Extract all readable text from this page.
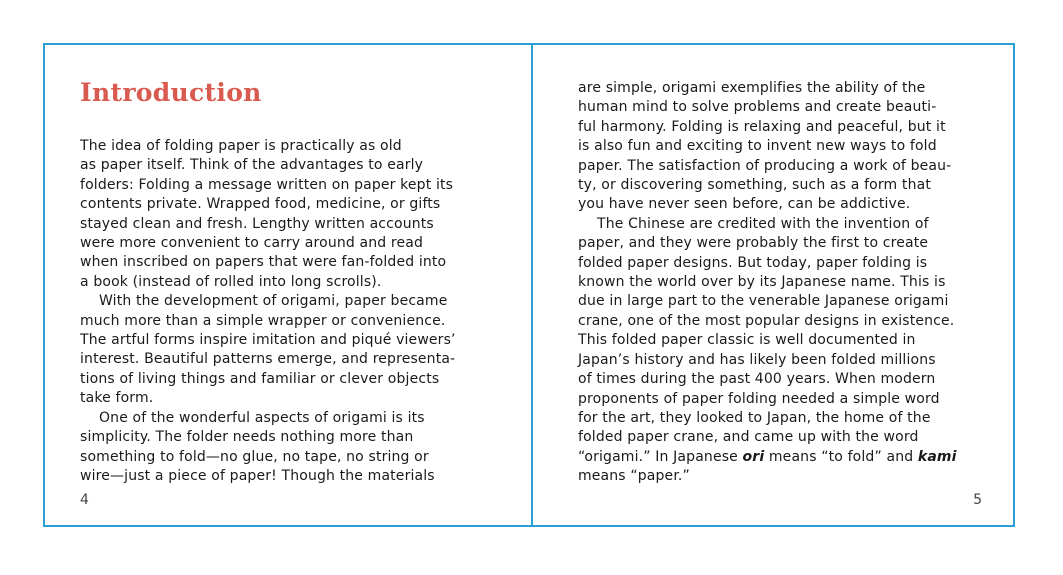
Introduction
The idea of folding paper is practically as old
as paper itself. Think of the advantages to early
folders: Folding a message written on paper kept its
contents private. Wrapped food, medicine, or gifts
stayed clean and fresh. Lengthy written accounts
were more convenient to carry around and read
when inscribed on papers that were fan-folded into
a book (instead of rolled into long scrolls).
With the development of origami, paper became
much more than a simple wrapper or convenience.
The artful forms inspire imitation and piqué viewers’
interest. Beautiful patterns emerge, and representa-
tions of living things and familiar or clever objects
take form.
One of the wonderful aspects of origami is its
simplicity. The folder needs nothing more than
something to fold—no glue, no tape, no string or
wire—just a piece of paper! Though the materials
4
are simple, origami exemplifies the ability of the
human mind to solve problems and create beauti-
ful harmony. Folding is relaxing and peaceful, but it
is also fun and exciting to invent new ways to fold
paper. The satisfaction of producing a work of beau-
ty, or discovering something, such as a form that
you have never seen before, can be addictive.
The Chinese are credited with the invention of
paper, and they were probably the first to create
folded paper designs. But today, paper folding is
known the world over by its Japanese name. This is
due in large part to the venerable Japanese origami
crane, one of the most popular designs in existence.
This folded paper classic is well documented in
Japan’s history and has likely been folded millions
of times during the past 400 years. When modern
proponents of paper folding needed a simple word
for the art, they looked to Japan, the home of the
folded paper crane, and came up with the word
“origami.” In Japanese ori means “to fold” and kami
means “paper.”
5
